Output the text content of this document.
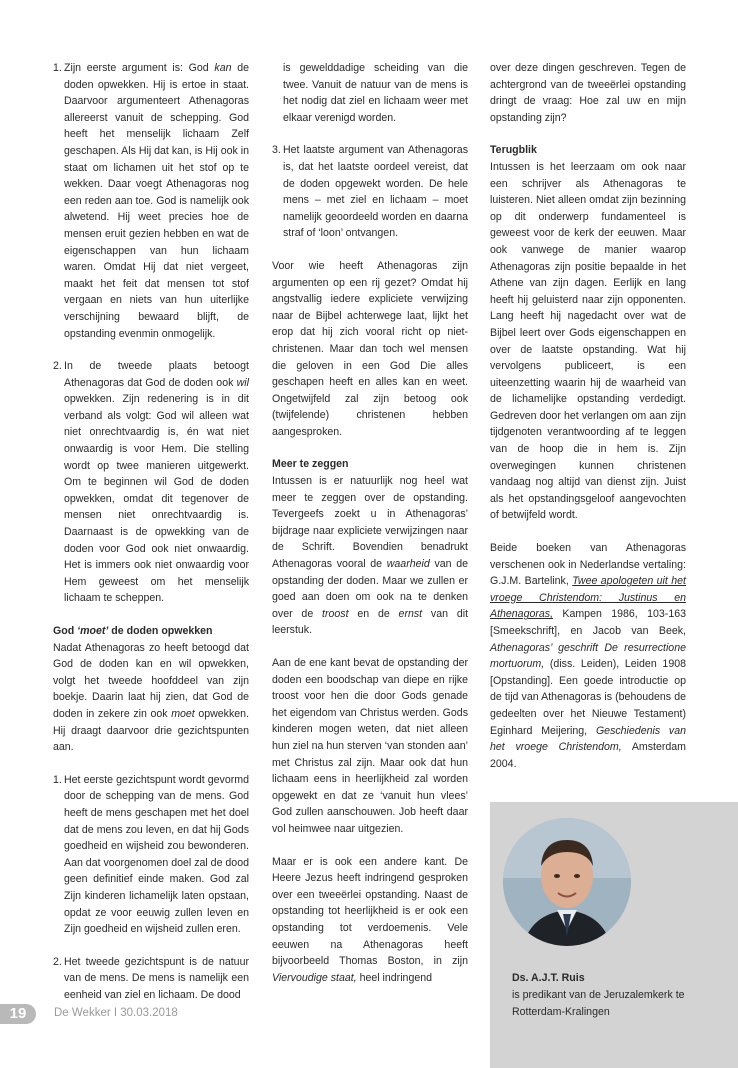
1. Zijn eerste argument is: God kan de doden opwekken. Hij is ertoe in staat. Daarvoor argumenteert Athenagoras allereerst vanuit de schepping. God heeft het menselijk lichaam Zelf geschapen. Als Hij dat kan, is Hij ook in staat om lichamen uit het stof op te wekken. Daar voegt Athenagoras nog een reden aan toe. God is namelijk ook alwetend. Hij weet precies hoe de mensen eruit gezien hebben en wat de eigenschappen van hun lichaam waren. Omdat Hij dat niet vergeet, maakt het feit dat mensen tot stof vergaan en niets van hun uiterlijke verschijning bewaard blijft, de opstanding evenmin onmogelijk.
2. In de tweede plaats betoogt Athenagoras dat God de doden ook wil opwekken. Zijn redenering is in dit verband als volgt: God wil alleen wat niet onrechtvaardig is, én wat niet onwaardig is voor Hem. Die stelling wordt op twee manieren uitgewerkt. Om te beginnen wil God de doden opwekken, omdat dit tegenover de mensen niet onrechtvaardig is. Daarnaast is de opwekking van de doden voor God ook niet onwaardig. Het is immers ook niet onwaardig voor Hem geweest om het menselijk lichaam te scheppen.
God ‘moet’ de doden opwekken

Nadat Athenagoras zo heeft betoogd dat God de doden kan en wil opwekken, volgt het tweede hoofddeel van zijn boekje. Daarin laat hij zien, dat God de doden in zekere zin ook moet opwekken. Hij draagt daarvoor drie gezichtspunten aan.

1. Het eerste gezichtspunt wordt gevormd door de schepping van de mens. God heeft de mens geschapen met het doel dat de mens zou leven, en dat hij Gods goedheid en wijsheid zou bewonderen. Aan dat voorgenomen doel zal de dood geen definitief einde maken. God zal Zijn kinderen lichamelijk laten opstaan, opdat ze voor eeuwig zullen leven en Zijn goedheid en wijsheid zullen eren.
2. Het tweede gezichtspunt is de natuur van de mens. De mens is namelijk een eenheid van ziel en lichaam. De dood
is gewelddadige scheiding van die twee. Vanuit de natuur van de mens is het nodig dat ziel en lichaam weer met elkaar verenigd worden.
3. Het laatste argument van Athenagoras is, dat het laatste oordeel vereist, dat de doden opgewekt worden. De hele mens – met ziel en lichaam – moet namelijk geoordeeld worden en daarna straf of ‘loon’ ontvangen.

Voor wie heeft Athenagoras zijn argumenten op een rij gezet? Omdat hij angstvallig iedere expliciete verwijzing naar de Bijbel achterwege laat, lijkt het erop dat hij zich vooral richt op niet-christenen. Maar dan toch wel mensen die geloven in een God Die alles geschapen heeft en alles kan en weet. Ongetwijfeld zal zijn betoog ook (twijfelende) christenen hebben aangesproken.

Meer te zeggen

Intussen is er natuurlijk nog heel wat meer te zeggen over de opstanding. Tevergeefs zoekt u in Athenagoras’ bijdrage naar expliciete verwijzingen naar de Schrift. Bovendien benadrukt Athenagoras vooral de waarheid van de opstanding der doden. Maar we zullen er goed aan doen om ook na te denken over de troost en de ernst van dit leerstuk.

Aan de ene kant bevat de opstanding der doden een boodschap van diepe en rijke troost voor hen die door Gods genade het eigendom van Christus werden. Gods kinderen mogen weten, dat niet alleen hun ziel na hun sterven ‘van stonden aan’ met Christus zal zijn. Maar ook dat hun lichaam eens in heerlijkheid zal worden opgewekt en dat ze ‘vanuit hun vlees’ God zullen aanschouwen. Job heeft daar vol heimwee naar uitgezien.

Maar er is ook een andere kant. De Heere Jezus heeft indringend gesproken over een tweeërlei opstanding. Naast de opstanding tot heerlijkheid is er ook een opstanding tot verdoemenis. Vele eeuwen na Athenagoras heeft bijvoorbeeld Thomas Boston, in zijn Viervoudige staat, heel indringend

over deze dingen geschreven. Tegen de achtergrond van de tweeërlei opstanding dringt de vraag: Hoe zal uw en mijn opstanding zijn?

Terugblik

Intussen is het leerzaam om ook naar een schrijver als Athenagoras te luisteren. Niet alleen omdat zijn bezinning op dit onderwerp fundamenteel is geweest voor de kerk der eeuwen. Maar ook vanwege de manier waarop Athenagoras zijn positie bepaalde in het Athene van zijn dagen. Eerlijk en lang heeft hij geluisterd naar zijn opponenten. Lang heeft hij nagedacht over wat de Bijbel leert over Gods eigenschappen en over de laatste opstanding. Wat hij vervolgens publiceert, is een uiteenzetting waarin hij de waarheid van de lichamelijke opstanding verdedigt. Gedreven door het verlangen om aan zijn tijdgenoten verantwoording af te leggen van de hoop die in hem is. Zijn overwegingen kunnen christenen vandaag nog altijd van dienst zijn. Juist als het opstandingsgeloof aangevochten of betwijfeld wordt.

Beide boeken van Athenagoras verschenen ook in Nederlandse vertaling: G.J.M. Bartelink, Twee apologeten uit het vroege Christendom: Justinus en Athenagoras, Kampen 1986, 103-163 [Smeekschrift], en Jacob van Beek, Athenagoras’ geschrift De resurrectione mortuorum, (diss. Leiden), Leiden 1908 [Opstanding]. Een goede introductie op de tijd van Athenagoras is (behoudens de gedeelten over het Nieuwe Testament) Eginhard Meijering, Geschiedenis van het vroege Christendom, Amsterdam 2004.

Ds. A.J.T. Ruis
is predikant van de Jeruzalemkerk te Rotterdam-Kralingen
19	De Wekker I 30.03.2018
